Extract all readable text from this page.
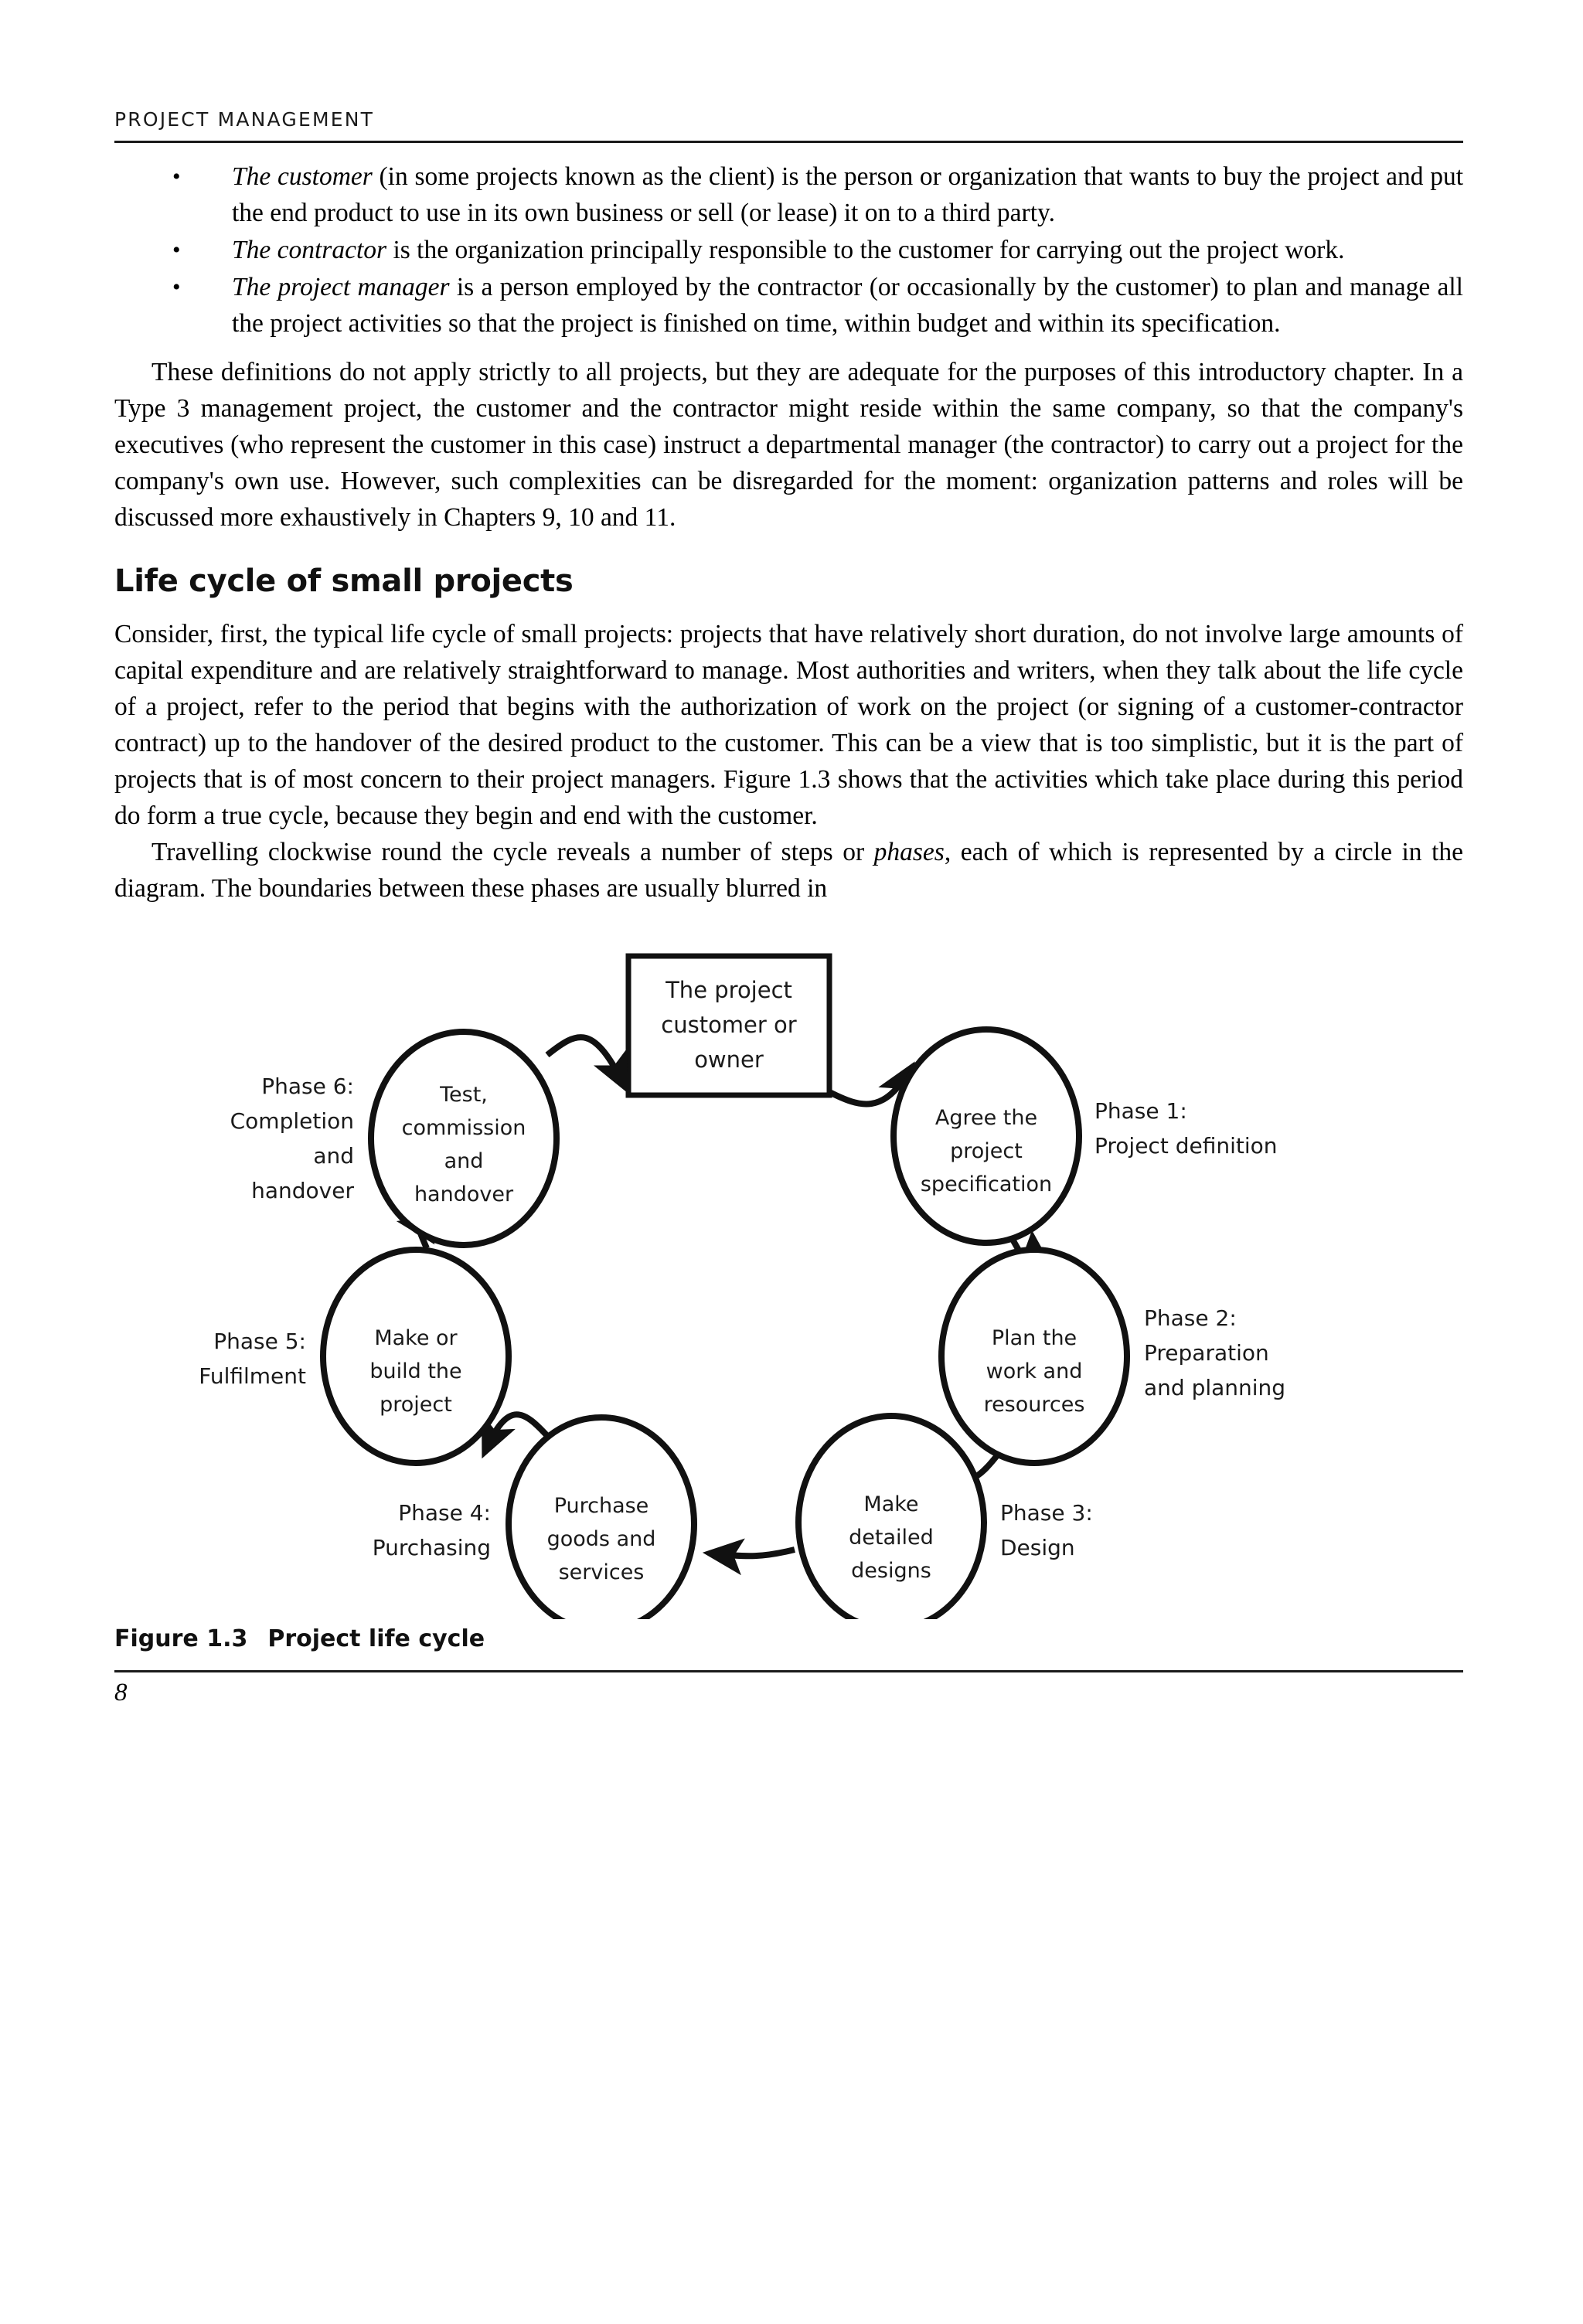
PROJECT MANAGEMENT
• The customer (in some projects known as the client) is the person or organization that wants to buy the project and put the end product to use in its own business or sell (or lease) it on to a third party.
• The contractor is the organization principally responsible to the customer for carrying out the project work.
• The project manager is a person employed by the contractor (or occasionally by the customer) to plan and manage all the project activities so that the project is finished on time, within budget and within its specification.

These definitions do not apply strictly to all projects, but they are adequate for the purposes of this introductory chapter. In a Type 3 management project, the customer and the contractor might reside within the same company, so that the company's executives (who represent the customer in this case) instruct a departmental manager (the contractor) to carry out a project for the company's own use. However, such complexities can be disregarded for the moment: organization patterns and roles will be discussed more exhaustively in Chapters 9, 10 and 11.

Life cycle of small projects

Consider, first, the typical life cycle of small projects: projects that have relatively short duration, do not involve large amounts of capital expenditure and are relatively straightforward to manage. Most authorities and writers, when they talk about the life cycle of a project, refer to the period that begins with the authorization of work on the project (or signing of a customer-contractor contract) up to the handover of the desired product to the customer. This can be a view that is too simplistic, but it is the part of projects that is of most concern to their project managers. Figure 1.3 shows that the activities which take place during this period do form a true cycle, because they begin and end with the customer.

Travelling clockwise round the cycle reveals a number of steps or phases, each of which is represented by a circle in the diagram. The boundaries between these phases are usually blurred in

The project
customer or
owner
Agree the
project
specification
Phase 1:
Project definition
Plan the
work and
resources
Phase 2:
Preparation
and planning
Make
detailed
designs
Phase 3:
Design
Purchase
goods and
services
Phase 4:
Purchasing
Make or
build the
project
Phase 5:
Fulfilment
Test,
commission
and
handover
Phase 6:
Completion
and
handover
Figure 1.3 Project life cycle
8
